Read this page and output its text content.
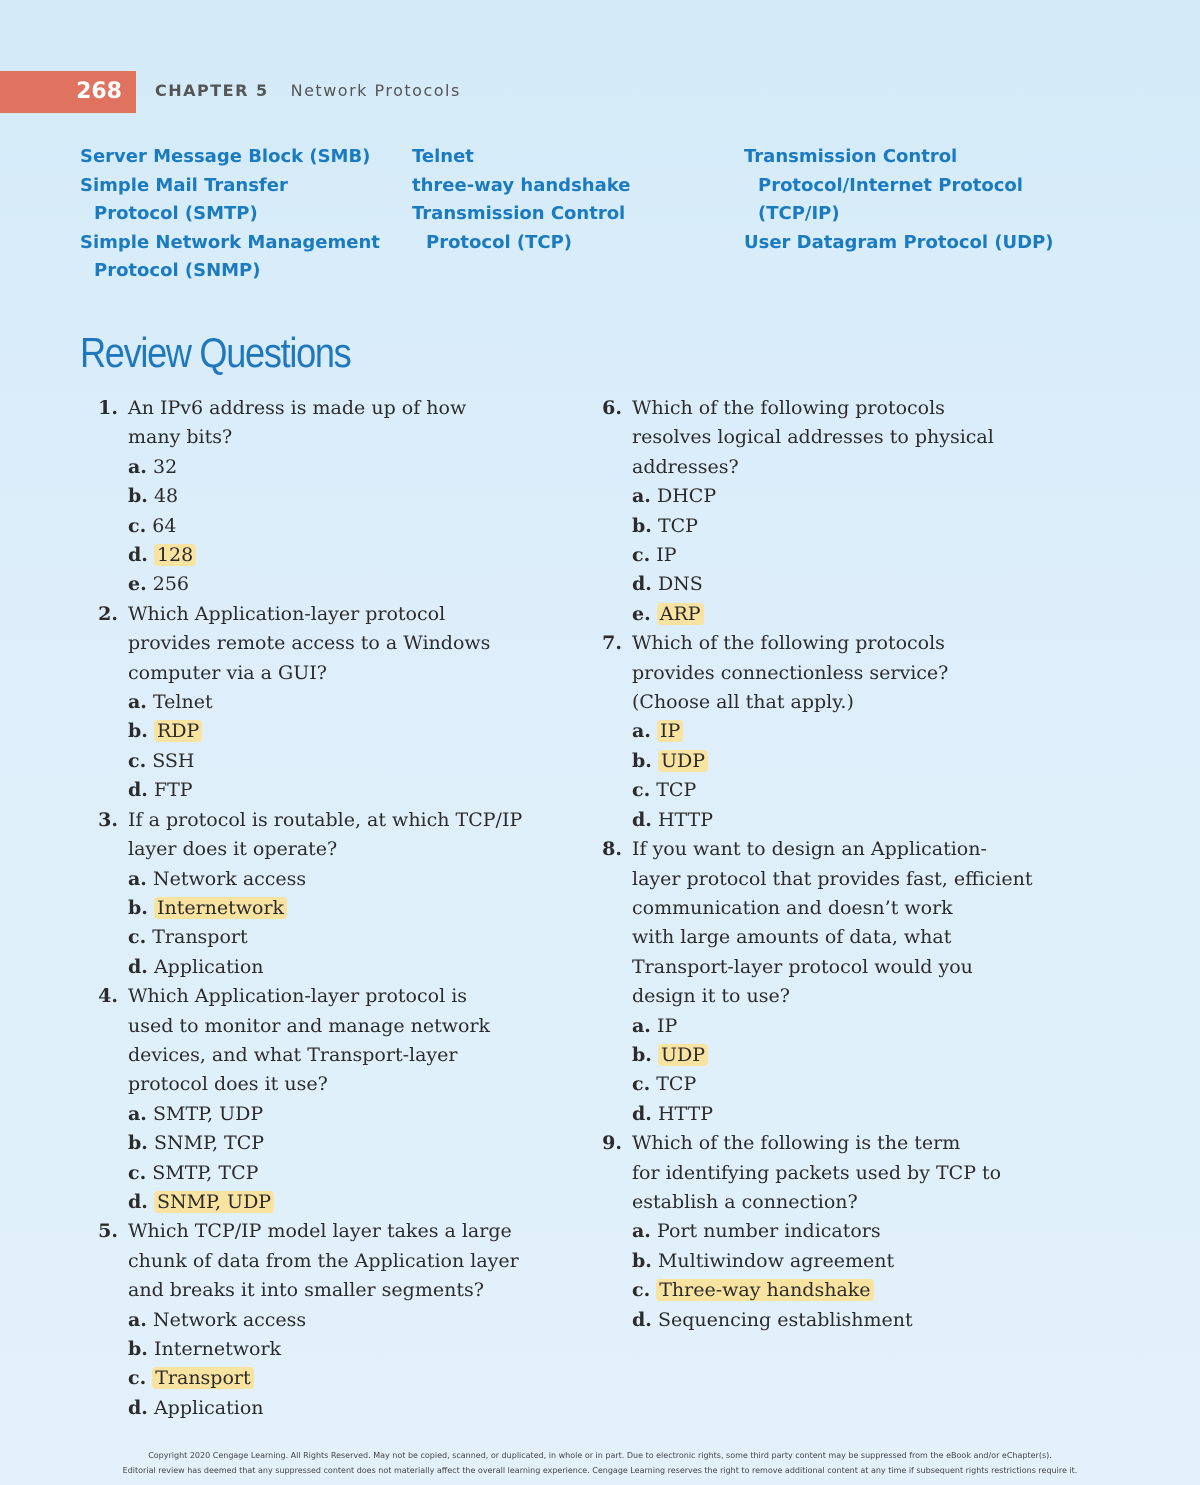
268	CHAPTER 5 Network Protocols
Server Message Block (SMB)
Simple Mail Transfer

Protocol (SMTP)
Simple Network Management

Protocol (SNMP)
Telnet
three-way handshake
Transmission Control

Protocol (TCP)
Transmission Control

Protocol/Internet Protocol
(TCP/IP)
User Datagram Protocol (UDP)
Review Questions
1. An IPv6 address is made up of how
many bits?
a. 32
b. 48
c. 64
d. 128
e. 256
2. Which Application-layer protocol
provides remote access to a Windows
computer via a GUI?
a. Telnet
b. RDP
c. SSH
d. FTP
3. If a protocol is routable, at which TCP/IP
layer does it operate?
a. Network access
b. Internetwork
c. Transport
d. Application
4. Which Application-layer protocol is
used to monitor and manage network
devices, and what Transport-layer
protocol does it use?
a. SMTP, UDP
b. SNMP, TCP
c. SMTP, TCP
d. SNMP, UDP
5. Which TCP/IP model layer takes a large
chunk of data from the Application layer
and breaks it into smaller segments?
a. Network access
b. Internetwork
c. Transport
d. Application
6. Which of the following protocols
resolves logical addresses to physical
addresses?
a. DHCP
b. TCP
c. IP
d. DNS
e. ARP
7. Which of the following protocols
provides connectionless service?
(Choose all that apply.)
a. IP
b. UDP
c. TCP
d. HTTP
8. If you want to design an Application-
layer protocol that provides fast, efficient
communication and doesn’t work
with large amounts of data, what
Transport-layer protocol would you
design it to use?
a. IP
b. UDP
c. TCP
d. HTTP
9. Which of the following is the term
for identifying packets used by TCP to
establish a connection?
a. Port number indicators
b. Multiwindow agreement
c. Three-way handshake
d. Sequencing establishment
Copyright 2020 Cengage Learning. All Rights Reserved. May not be copied, scanned, or duplicated, in whole or in part. Due to electronic rights, some third party content may be suppressed from the eBook and/or eChapter(s).
Editorial review has deemed that any suppressed content does not materially affect the overall learning experience. Cengage Learning reserves the right to remove additional content at any time if subsequent rights restrictions require it.
